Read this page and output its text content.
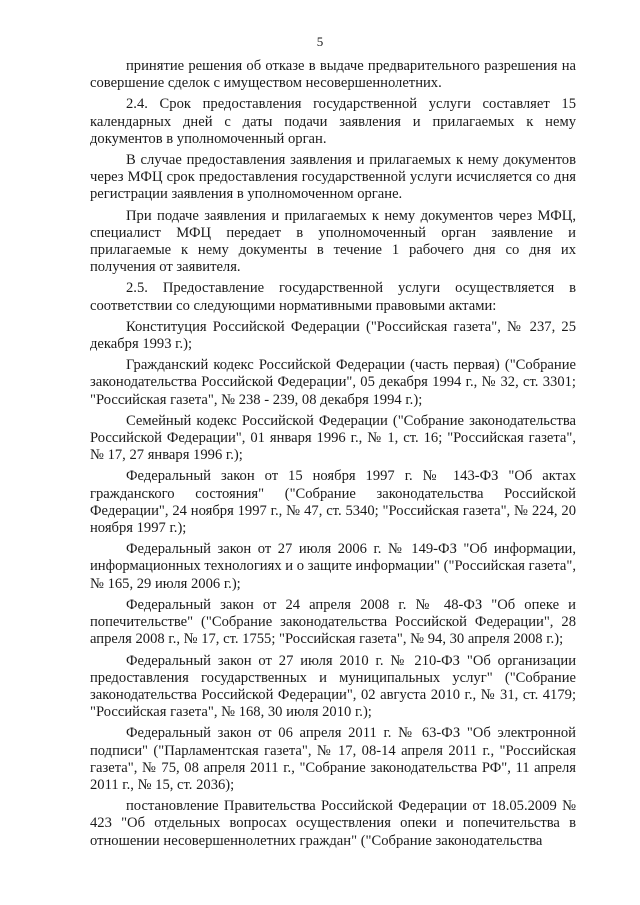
5

принятие решения об отказе в выдаче предварительного разрешения на совершение сделок с имуществом несовершеннолетних.

2.4. Срок предоставления государственной услуги составляет 15 календарных дней с даты подачи заявления и прилагаемых к нему документов в уполномоченный орган.

В случае предоставления заявления и прилагаемых к нему документов через МФЦ срок предоставления государственной услуги исчисляется со дня регистрации заявления в уполномоченном органе.

При подаче заявления и прилагаемых к нему документов через МФЦ, специалист МФЦ передает в уполномоченный орган заявление и прилагаемые к нему документы в течение 1 рабочего дня со дня их получения от заявителя.

2.5. Предоставление государственной услуги осуществляется в соответствии со следующими нормативными правовыми актами:

Конституция Российской Федерации ("Российская газета", № 237, 25 декабря 1993 г.);

Гражданский кодекс Российской Федерации (часть первая) ("Собрание законодательства Российской Федерации", 05 декабря 1994 г., № 32, ст. 3301; "Российская газета", № 238 - 239, 08 декабря 1994 г.);

Семейный кодекс Российской Федерации ("Собрание законодательства Российской Федерации", 01 января 1996 г., № 1, ст. 16; "Российская газета", № 17, 27 января 1996 г.);

Федеральный закон от 15 ноября 1997 г. № 143-ФЗ "Об актах гражданского состояния" ("Собрание законодательства Российской Федерации", 24 ноября 1997 г., № 47, ст. 5340; "Российская газета", № 224, 20 ноября 1997 г.);

Федеральный закон от 27 июля 2006 г. № 149-ФЗ "Об информации, информационных технологиях и о защите информации" ("Российская газета", № 165, 29 июля 2006 г.);

Федеральный закон от 24 апреля 2008 г. № 48-ФЗ "Об опеке и попечительстве" ("Собрание законодательства Российской Федерации", 28 апреля 2008 г., № 17, ст. 1755; "Российская газета", № 94, 30 апреля 2008 г.);

Федеральный закон от 27 июля 2010 г. № 210-ФЗ "Об организации предоставления государственных и муниципальных услуг" ("Собрание законодательства Российской Федерации", 02 августа 2010 г., № 31, ст. 4179; "Российская газета", № 168, 30 июля 2010 г.);

Федеральный закон от 06 апреля 2011 г. № 63-ФЗ "Об электронной подписи" ("Парламентская газета", № 17, 08-14 апреля 2011 г., "Российская газета", № 75, 08 апреля 2011 г., "Собрание законодательства РФ", 11 апреля 2011 г., № 15, ст. 2036);

постановление Правительства Российской Федерации от 18.05.2009 № 423 "Об отдельных вопросах осуществления опеки и попечительства в отношении несовершеннолетних граждан" ("Собрание законодательства
